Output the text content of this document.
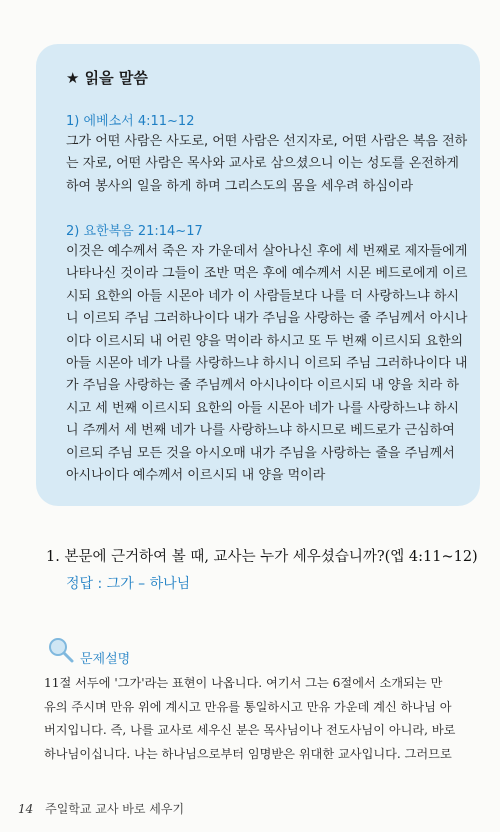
★ 읽을 말씀
1) 에베소서 4:11~12
그가 어떤 사람은 사도로, 어떤 사람은 선지자로, 어떤 사람은 복음 전하
는 자로, 어떤 사람은 목사와 교사로 삼으셨으니 이는 성도를 온전하게
하여 봉사의 일을 하게 하며 그리스도의 몸을 세우려 하심이라
2) 요한복음 21:14~17
이것은 예수께서 죽은 자 가운데서 살아나신 후에 세 번째로 제자들에게
나타나신 것이라 그들이 조반 먹은 후에 예수께서 시몬 베드로에게 이르
시되 요한의 아들 시몬아 네가 이 사람들보다 나를 더 사랑하느냐 하시
니 이르되 주님 그러하나이다 내가 주님을 사랑하는 줄 주님께서 아시나
이다 이르시되 내 어린 양을 먹이라 하시고 또 두 번째 이르시되 요한의
아들 시몬아 네가 나를 사랑하느냐 하시니 이르되 주님 그러하나이다 내
가 주님을 사랑하는 줄 주님께서 아시나이다 이르시되 내 양을 치라 하
시고 세 번째 이르시되 요한의 아들 시몬아 네가 나를 사랑하느냐 하시
니 주께서 세 번째 네가 나를 사랑하느냐 하시므로 베드로가 근심하여
이르되 주님 모든 것을 아시오매 내가 주님을 사랑하는 줄을 주님께서
아시나이다 예수께서 이르시되 내 양을 먹이라
1. 본문에 근거하여 볼 때, 교사는 누가 세우셨습니까?(엡 4:11~12)
정답 : 그가 – 하나님
문제설명
11절 서두에 '그가'라는 표현이 나옵니다. 여기서 그는 6절에서 소개되는 만
유의 주시며 만유 위에 계시고 만유를 통일하시고 만유 가운데 계신 하나님 아
버지입니다. 즉, 나를 교사로 세우신 분은 목사님이나 전도사님이 아니라, 바로
하나님이십니다. 나는 하나님으로부터 임명받은 위대한 교사입니다. 그러므로
14 주일학교 교사 바로 세우기
